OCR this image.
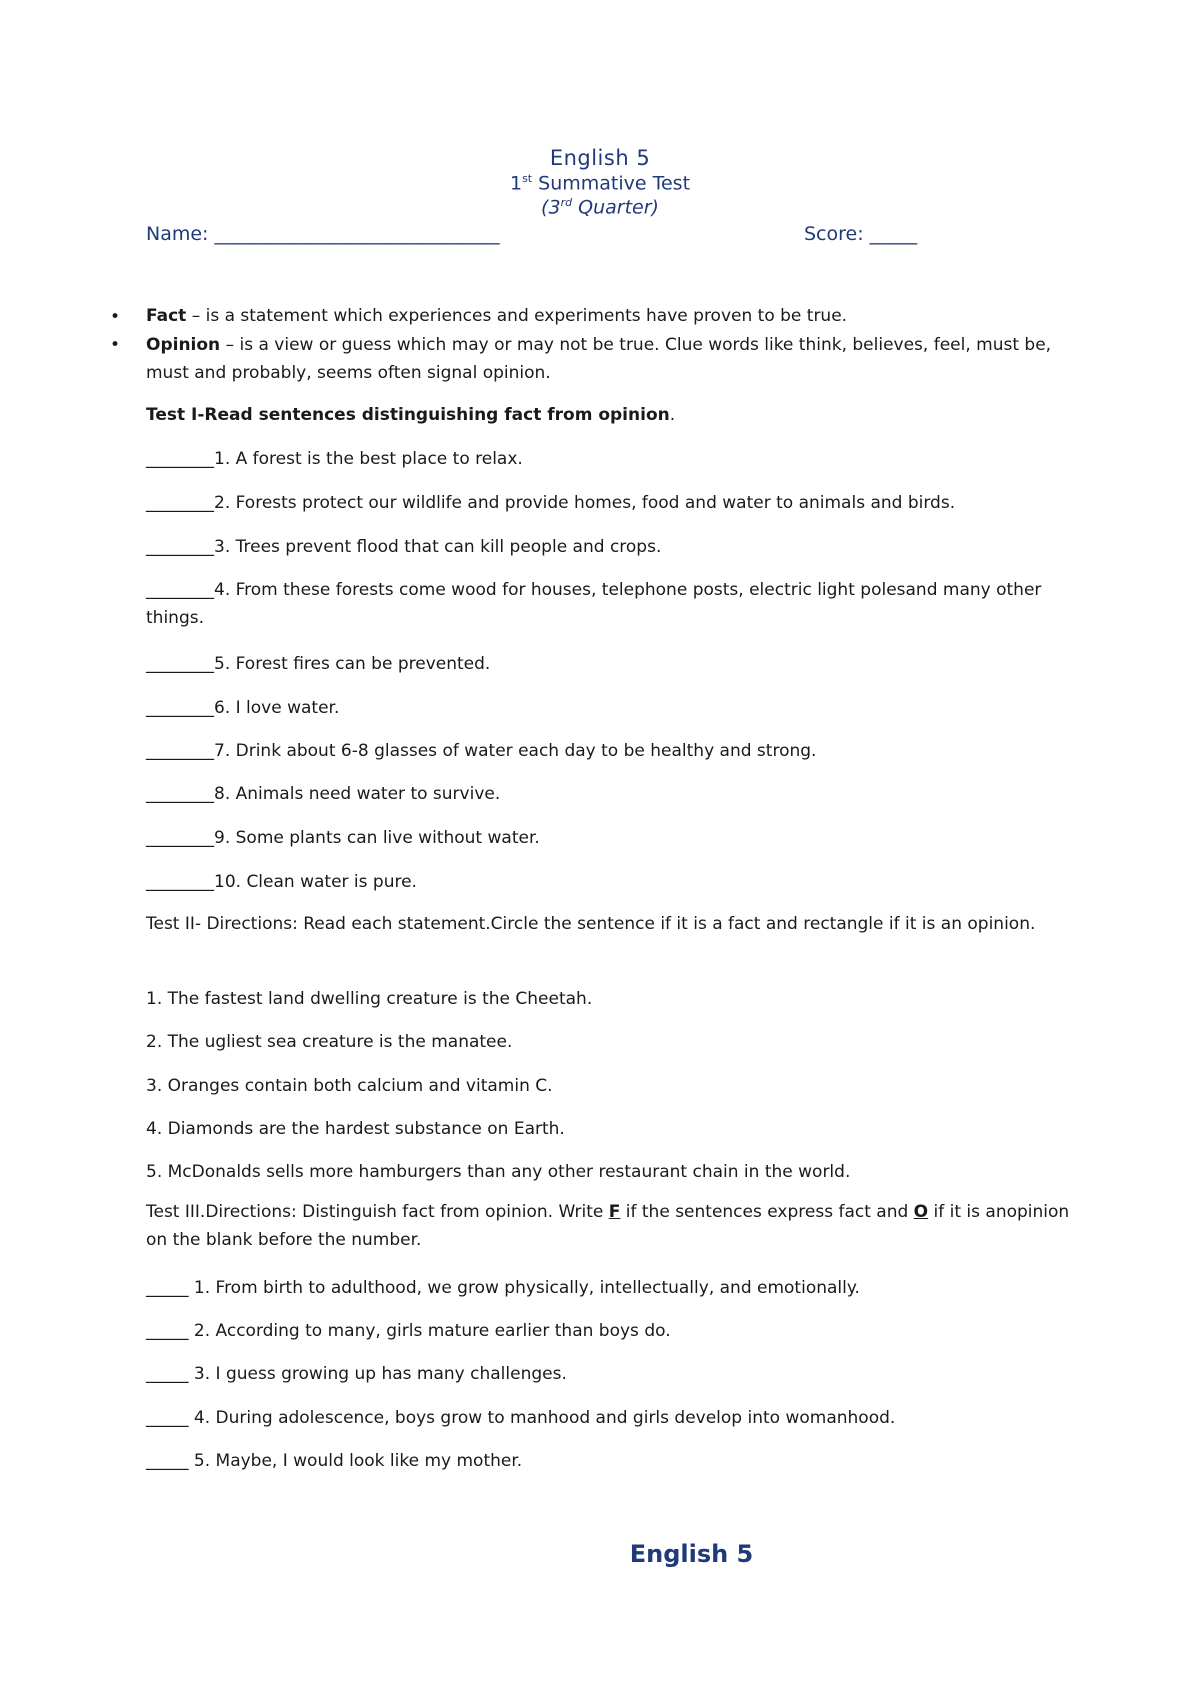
English 5
1st Summative Test
(3rd Quarter)
Name: ______________________________	Score: _____
• Fact – is a statement which experiences and experiments have proven to be true.
• Opinion – is a view or guess which may or may not be true. Clue words like think, believes, feel, must be, must and probably, seems often signal opinion.
Test I-Read sentences distinguishing fact from opinion.
________1. A forest is the best place to relax.
________2. Forests protect our wildlife and provide homes, food and water to animals and birds.
________3. Trees prevent flood that can kill people and crops.
________4. From these forests come wood for houses, telephone posts, electric light polesand many other things.
________5. Forest fires can be prevented.
________6. I love water.
________7. Drink about 6-8 glasses of water each day to be healthy and strong.
________8. Animals need water to survive.
________9. Some plants can live without water.
________10. Clean water is pure.
Test II- Directions: Read each statement.Circle the sentence if it is a fact and rectangle if it is an opinion.
1. The fastest land dwelling creature is the Cheetah.
2. The ugliest sea creature is the manatee.
3. Oranges contain both calcium and vitamin C.
4. Diamonds are the hardest substance on Earth.
5. McDonalds sells more hamburgers than any other restaurant chain in the world.
Test III.Directions: Distinguish fact from opinion. Write F if the sentences express fact and O if it is anopinion on the blank before the number.
_____ 1. From birth to adulthood, we grow physically, intellectually, and emotionally.
_____ 2. According to many, girls mature earlier than boys do.
_____ 3. I guess growing up has many challenges.
_____ 4. During adolescence, boys grow to manhood and girls develop into womanhood.
_____ 5. Maybe, I would look like my mother.
English 5
